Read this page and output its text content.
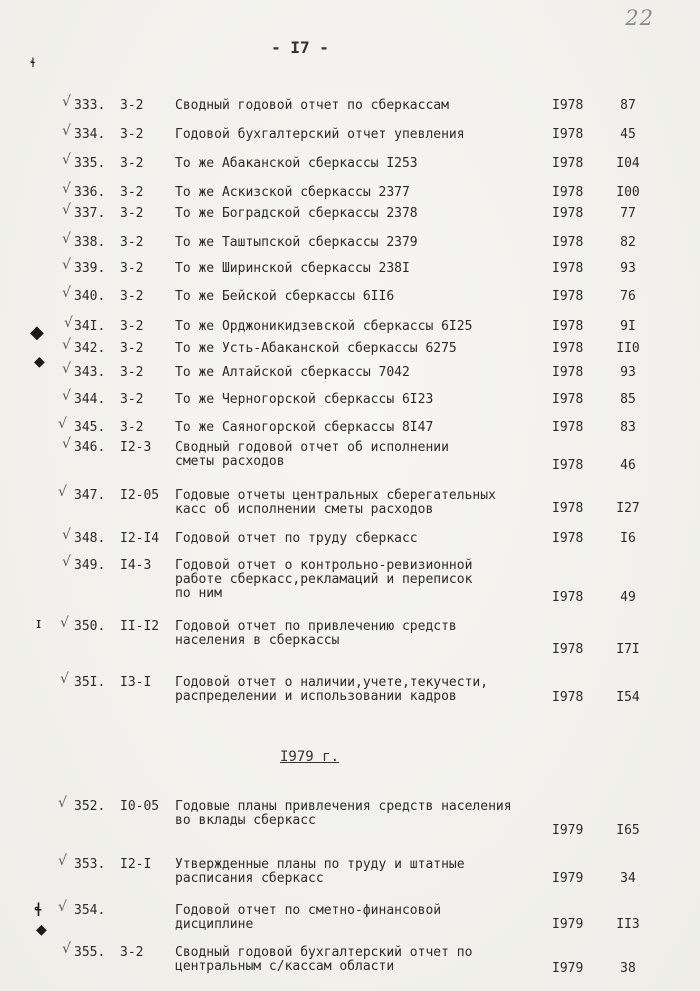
22
- I7 -
ɬ
◆
◆
ɪ
ɬ
◆
I979 г.
√ 333. 3-2 Сводный годовой отчет по сберкассам	I978	87
√ 334. 3-2 Годовой бухгалтерский отчет упевления	I978	45
√ 335. 3-2 То же Абаканской сберкассы I253	I978	I04
√ 336. 3-2 То же Аскизской сберкассы 2377	I978	I00
√ 337. 3-2 То же Боградской сберкассы 2378	I978	77
√ 338. 3-2 То же Таштыпской сберкассы 2379	I978	82
√ 339. 3-2 То же Ширинской сберкассы 238I	I978	93
√ 340. 3-2 То же Бейской сберкассы 6II6	I978	76
√ 34I. 3-2 То же Орджоникидзевской сберкассы 6I25	I978	9I
√ 342. 3-2 То же Усть-Абаканской сберкассы 6275	I978	II0
√ 343. 3-2 То же Алтайской сберкассы 7042	I978	93
√ 344. 3-2 То же Черногорской сберкассы 6I23	I978	85
√ 345. 3-2 То же Саяногорской сберкассы 8I47	I978	83
√ 346. I2-3 Сводный годовой отчет об исполнении
сметы расходов	I978	46
√ 347. I2-05 Годовые отчеты центральных сберегательных
касс об исполнении сметы расходов	I978	I27
√ 348. I2-I4 Годовой отчет по труду сберкасс	I978	I6
√ 349. I4-3 Годовой отчет о контрольно-ревизионной
работе сберкасс,рекламаций и переписок
по ним	I978	49
√ 350. II-I2 Годовой отчет по привлечению средств
населения в сберкассы
I978	I7I
√ 35I. I3-I Годовой отчет о наличии,учете,текучести,
распределении и использовании кадров	I978	I54
√ 352. I0-05 Годовые планы привлечения средств населения
во вклады сберкасс
I979	I65
√ 353. I2-I Утвержденные планы по труду и штатные
расписания сберкасс	I979	34
√ 354.	Годовой отчет по сметно-финансовой
дисциплине	I979	II3
√ 355. 3-2 Сводный годовой бухгалтерский отчет по
центральным с/кассам области	I979	38
